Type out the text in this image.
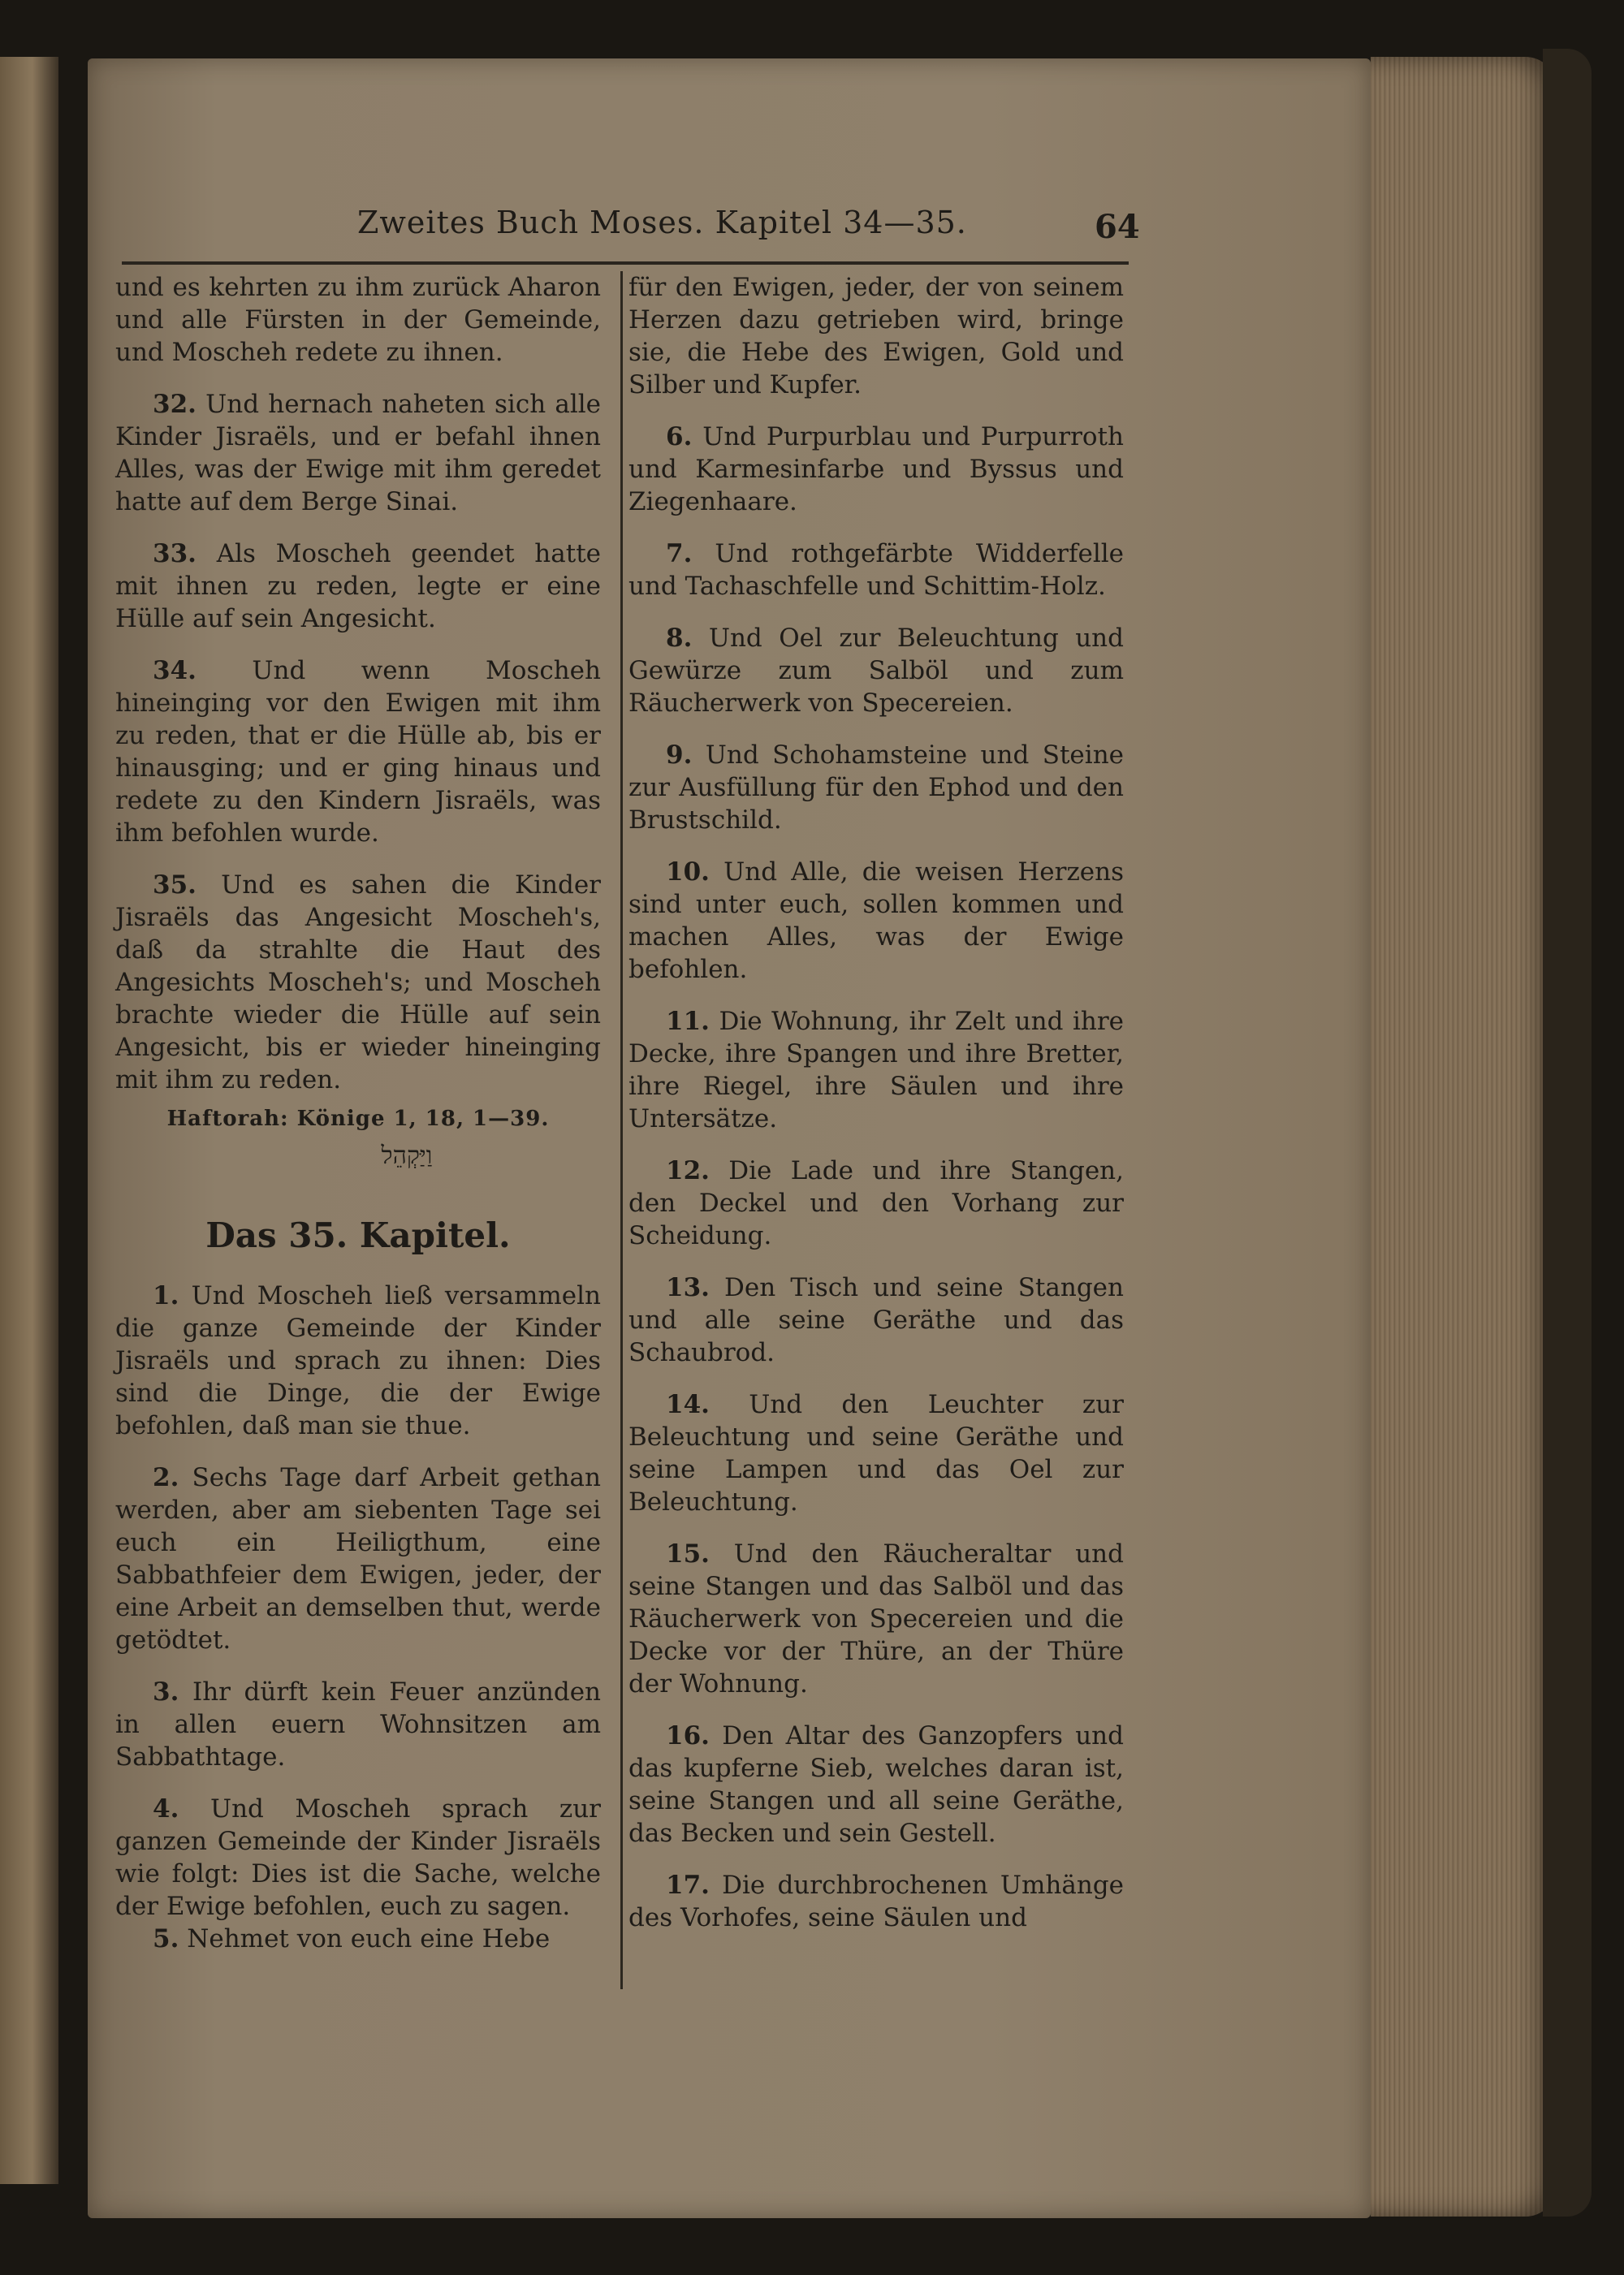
Zweites Buch Moses. Kapitel 34—35.	64

und es kehrten zu ihm zurück Aharon und alle Fürsten in der Gemeinde, und Moscheh redete zu ihnen.

32. Und hernach naheten sich alle Kinder Jisraëls, und er befahl ihnen Alles, was der Ewige mit ihm geredet hatte auf dem Berge Sinai.

33. Als Moscheh geendet hatte mit ihnen zu reden, legte er eine Hülle auf sein Angesicht.

34. Und wenn Moscheh hineinging vor den Ewigen mit ihm zu reden, that er die Hülle ab, bis er hinausging; und er ging hinaus und redete zu den Kindern Jisraëls, was ihm befohlen wurde.

35. Und es sahen die Kinder Jisraëls das Angesicht Moscheh's, daß da strahlte die Haut des Angesichts Moscheh's; und Moscheh brachte wieder die Hülle auf sein Angesicht, bis er wieder hineinging mit ihm zu reden.

Haftorah: Könige 1, 18, 1—39.

וַיַּקְהֵל

Das 35. Kapitel.

1. Und Moscheh ließ versammeln die ganze Gemeinde der Kinder Jisraëls und sprach zu ihnen: Dies sind die Dinge, die der Ewige befohlen, daß man sie thue.

2. Sechs Tage darf Arbeit gethan werden, aber am siebenten Tage sei euch ein Heiligthum, eine Sabbathfeier dem Ewigen, jeder, der eine Arbeit an demselben thut, werde getödtet.

3. Ihr dürft kein Feuer anzünden in allen euern Wohnsitzen am Sabbathtage.

4. Und Moscheh sprach zur ganzen Gemeinde der Kinder Jisraëls wie folgt: Dies ist die Sache, welche der Ewige befohlen, euch zu sagen.

5. Nehmet von euch eine Hebe

für den Ewigen, jeder, der von seinem Herzen dazu getrieben wird, bringe sie, die Hebe des Ewigen, Gold und Silber und Kupfer.

6. Und Purpurblau und Purpurroth und Karmesinfarbe und Byssus und Ziegenhaare.

7. Und rothgefärbte Widderfelle und Tachaschfelle und Schittim-Holz.

8. Und Oel zur Beleuchtung und Gewürze zum Salböl und zum Räucherwerk von Specereien.

9. Und Schohamsteine und Steine zur Ausfüllung für den Ephod und den Brustschild.

10. Und Alle, die weisen Herzens sind unter euch, sollen kommen und machen Alles, was der Ewige befohlen.

11. Die Wohnung, ihr Zelt und ihre Decke, ihre Spangen und ihre Bretter, ihre Riegel, ihre Säulen und ihre Untersätze.

12. Die Lade und ihre Stangen, den Deckel und den Vorhang zur Scheidung.

13. Den Tisch und seine Stangen und alle seine Geräthe und das Schaubrod.

14. Und den Leuchter zur Beleuchtung und seine Geräthe und seine Lampen und das Oel zur Beleuchtung.

15. Und den Räucheraltar und seine Stangen und das Salböl und das Räucherwerk von Specereien und die Decke vor der Thüre, an der Thüre der Wohnung.

16. Den Altar des Ganzopfers und das kupferne Sieb, welches daran ist, seine Stangen und all seine Geräthe, das Becken und sein Gestell.

17. Die durchbrochenen Umhänge des Vorhofes, seine Säulen und
